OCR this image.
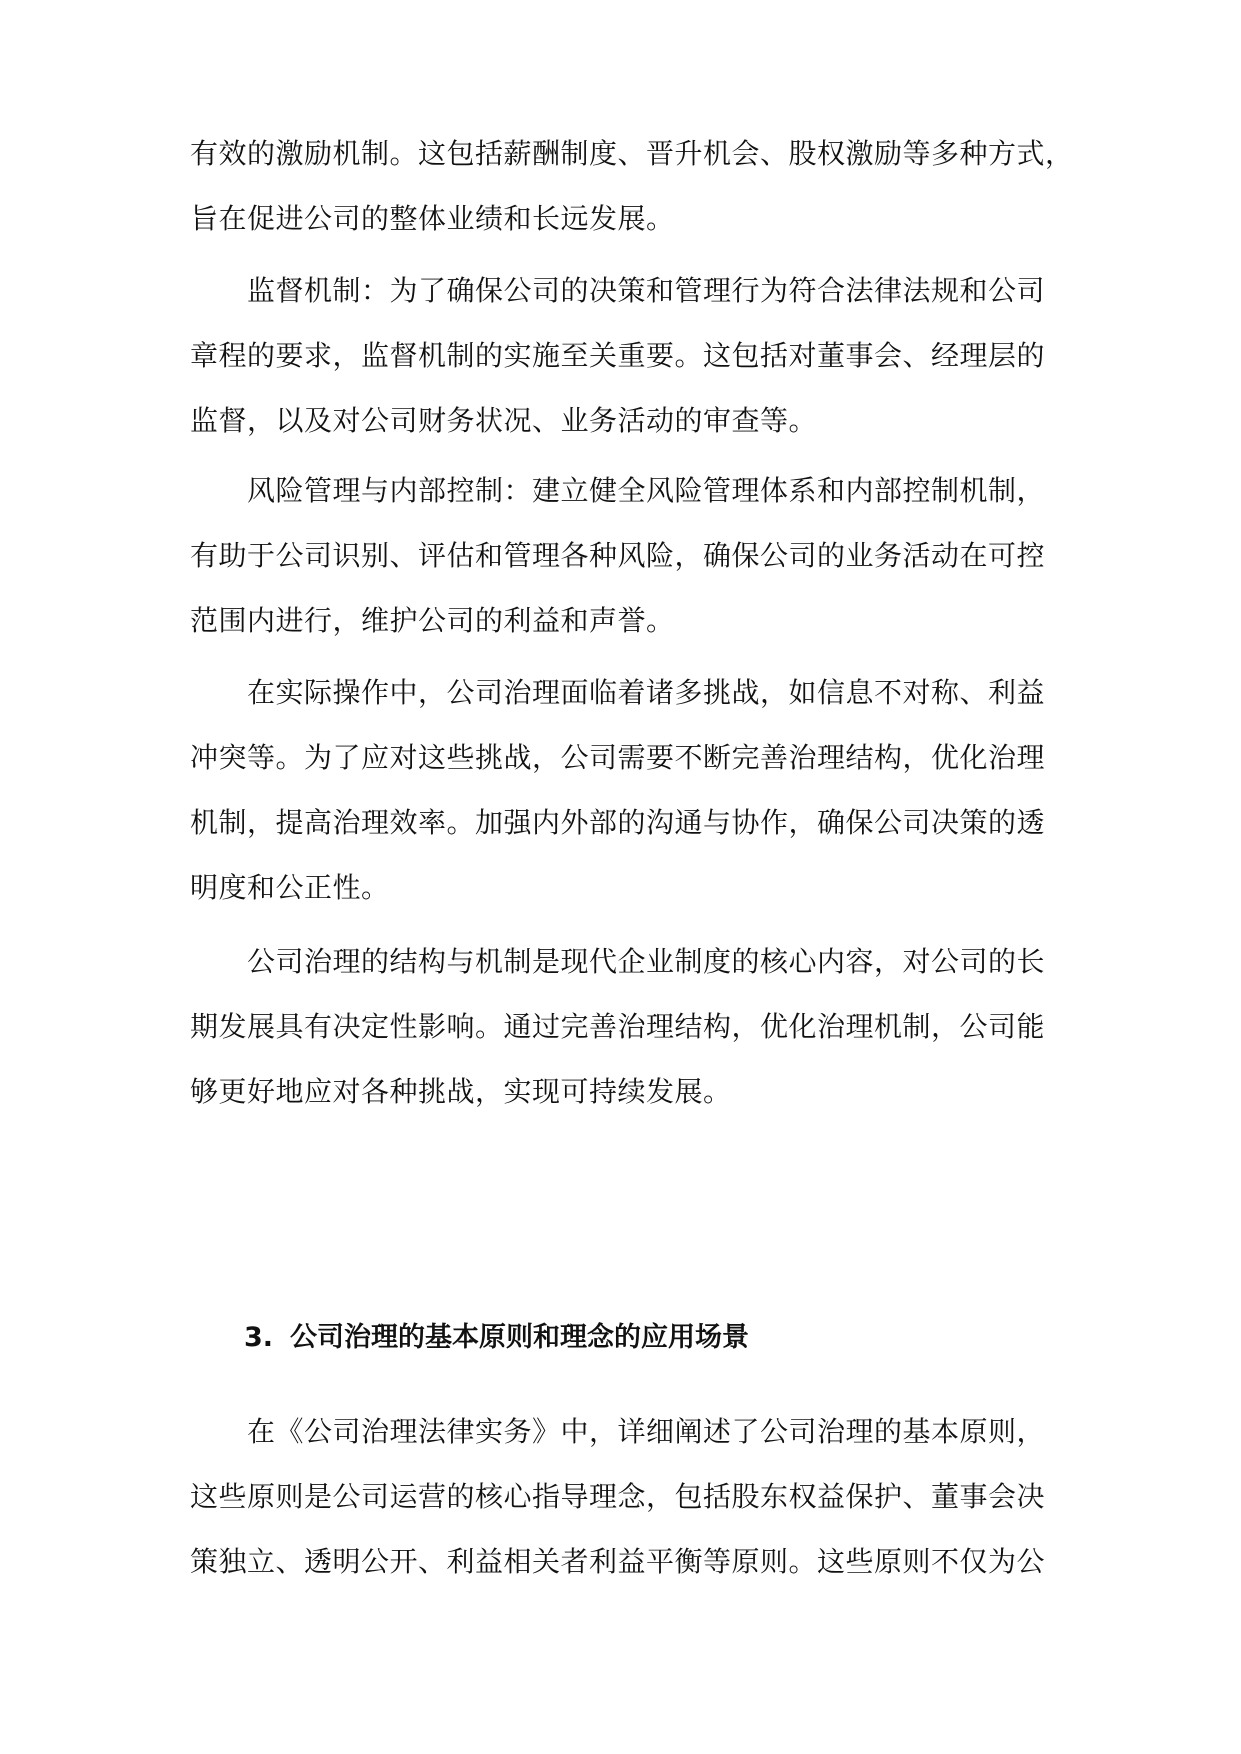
有效的激励机制。这包括薪酬制度、晋升机会、股权激励等多种方式，
旨在促进公司的整体业绩和长远发展。
监督机制：为了确保公司的决策和管理行为符合法律法规和公司
章程的要求，监督机制的实施至关重要。这包括对董事会、经理层的
监督，以及对公司财务状况、业务活动的审查等。
风险管理与内部控制：建立健全风险管理体系和内部控制机制，
有助于公司识别、评估和管理各种风险，确保公司的业务活动在可控
范围内进行，维护公司的利益和声誉。
在实际操作中，公司治理面临着诸多挑战，如信息不对称、利益
冲突等。为了应对这些挑战，公司需要不断完善治理结构，优化治理
机制，提高治理效率。加强内外部的沟通与协作，确保公司决策的透
明度和公正性。
公司治理的结构与机制是现代企业制度的核心内容，对公司的长
期发展具有决定性影响。通过完善治理结构，优化治理机制，公司能
够更好地应对各种挑战，实现可持续发展。
3. 公司治理的基本原则和理念的应用场景
在《公司治理法律实务》中，详细阐述了公司治理的基本原则，
这些原则是公司运营的核心指导理念，包括股东权益保护、董事会决
策独立、透明公开、利益相关者利益平衡等原则。这些原则不仅为公
